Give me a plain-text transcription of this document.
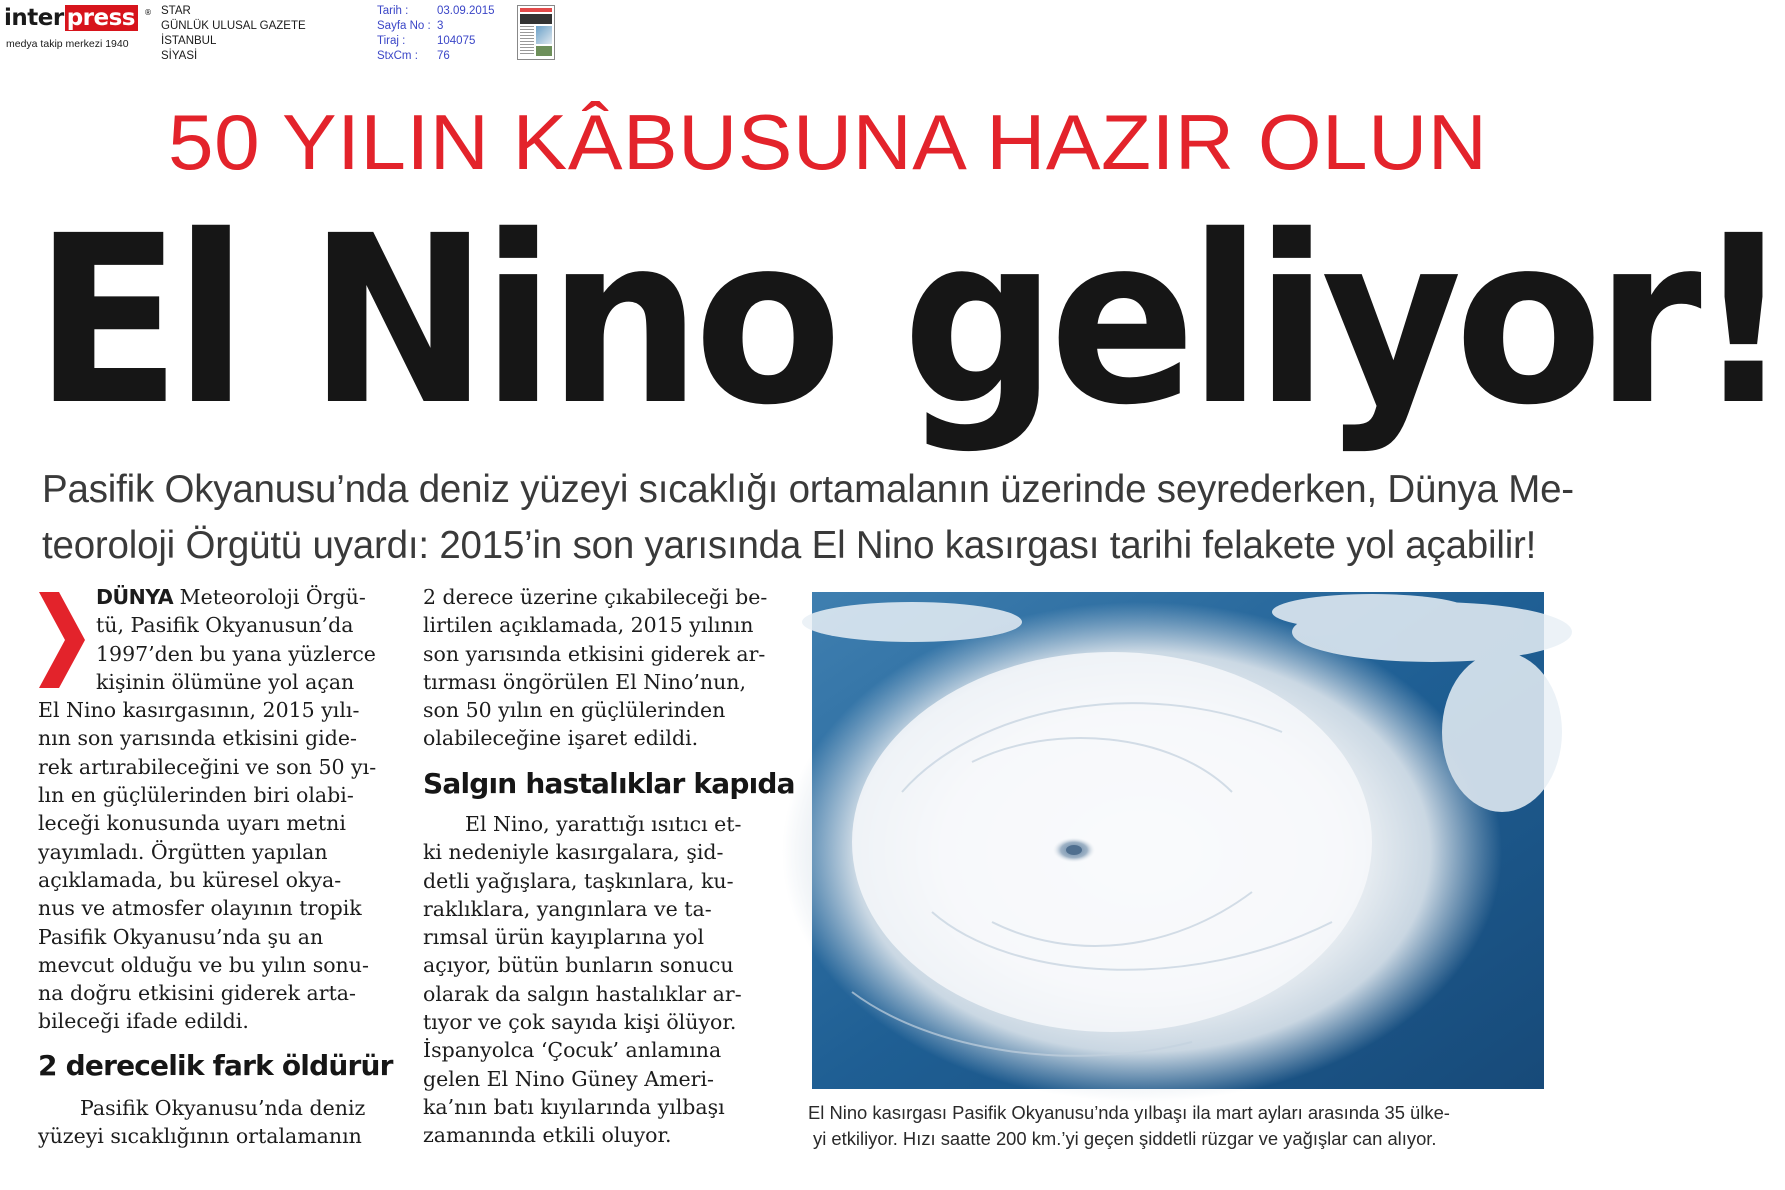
inter press	®
medya takip merkezi 1940
STAR
GÜNLÜK ULUSAL GAZETE
İSTANBUL
SİYASİ
Tarih :	03.09.2015
Sayfa No : 3
Tiraj :	104075
StxCm :	76
50 YILIN KÂBUSUNA HAZIR OLUN
El Nino geliyor!
Pasifik Okyanusu’nda deniz yüzeyi sıcaklığı ortamalanın üzerinde seyrederken, Dünya Me-
teoroloji Örgütü uyardı: 2015’in son yarısında El Nino kasırgası tarihi felakete yol açabilir!
DÜNYA Meteoroloji Örgü-
tü, Pasifik Okyanusun’da
1997’den bu yana yüzlerce
kişinin ölümüne yol açan
El Nino kasırgasının, 2015 yılı-
nın son yarısında etkisini gide-
rek artırabileceğini ve son 50 yı-
lın en güçlülerinden biri olabi-
leceği konusunda uyarı metni
yayımladı. Örgütten yapılan
açıklamada, bu küresel okya-
nus ve atmosfer olayının tropik
Pasifik Okyanusu’nda şu an
mevcut olduğu ve bu yılın sonu-
na doğru etkisini giderek arta-
bileceği ifade edildi.
2 derecelik fark öldürür
Pasifik Okyanusu’nda deniz
yüzeyi sıcaklığının ortalamanın
2 derece üzerine çıkabileceği be-
lirtilen açıklamada, 2015 yılının
son yarısında etkisini giderek ar-
tırması öngörülen El Nino’nun,
son 50 yılın en güçlülerinden
olabileceğine işaret edildi.
Salgın hastalıklar kapıda
El Nino, yarattığı ısıtıcı et-
ki nedeniyle kasırgalara, şid-
detli yağışlara, taşkınlara, ku-
raklıklara, yangınlara ve ta-
rımsal ürün kayıplarına yol
açıyor, bütün bunların sonucu
olarak da salgın hastalıklar ar-
tıyor ve çok sayıda kişi ölüyor.
İspanyolca ‘Çocuk’ anlamına
gelen El Nino Güney Ameri-
ka’nın batı kıyılarında yılbaşı
zamanında etkili oluyor.
El Nino kasırgası Pasifik Okyanusu’nda yılbaşı ila mart ayları arasında 35 ülke-
yi etkiliyor. Hızı saatte 200 km.’yi geçen şiddetli rüzgar ve yağışlar can alıyor.
